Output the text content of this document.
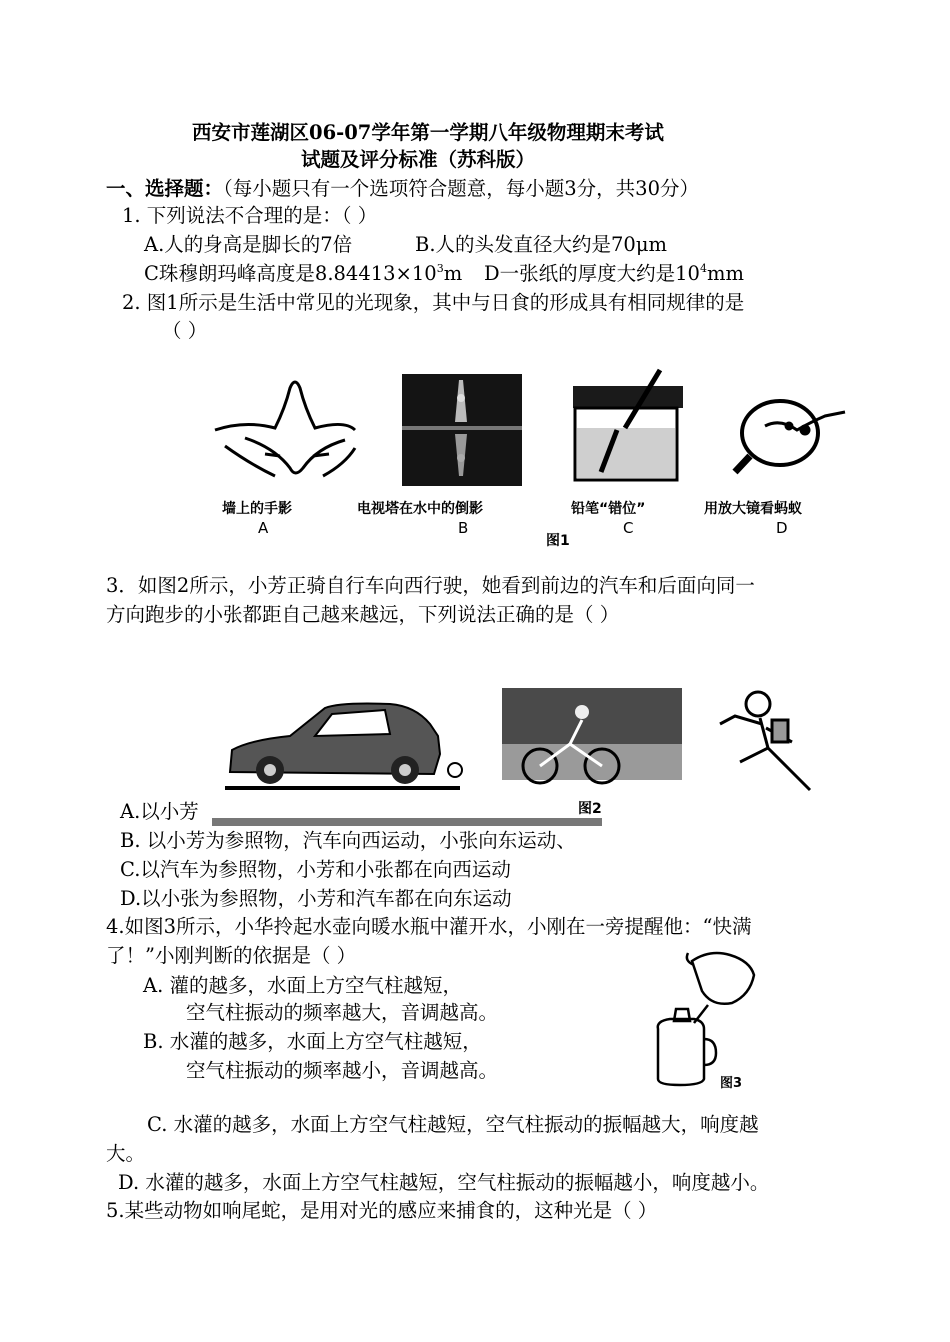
西安市莲湖区06-07学年第一学期八年级物理期末考试
试题及评分标准（苏科版）
一、选择题：（每小题只有一个选项符合题意，每小题3分，共30分）
1. 下列说法不合理的是：（ ）
A.人的身高是脚长的7倍	B.人的头发直径大约是70μm
C珠穆朗玛峰高度是$8.84413\times 10^3m$ D一张纸的厚度大约是$10^4mm$
2. 图1所示是生活中常见的光现象，其中与日食的形成具有相同规律的是
（ ）
墙上的手影	电视塔在水中的倒影	铅笔“错位”	用放大镜看蚂蚁
A	B	C	D
图1
3．如图2所示，小芳正骑自行车向西行驶，她看到前边的汽车和后面向同一
方向跑步的小张都距自己越来越远，下列说法正确的是（ ）
图2
A.以小芳
B. 以小芳为参照物，汽车向西运动，小张向东运动、
C.以汽车为参照物，小芳和小张都在向西运动
D.以小张为参照物，小芳和汽车都在向东运动
4.如图3所示，小华拎起水壶向暖水瓶中灌开水，小刚在一旁提醒他：“快满
了！”小刚判断的依据是（ ）
A. 灌的越多，水面上方空气柱越短，
空气柱振动的频率越大，音调越高。
B. 水灌的越多，水面上方空气柱越短，
空气柱振动的频率越小，音调越高。
图3
C. 水灌的越多，水面上方空气柱越短，空气柱振动的振幅越大，响度越
大。
D. 水灌的越多，水面上方空气柱越短，空气柱振动的振幅越小，响度越小。
5.某些动物如响尾蛇，是用对光的感应来捕食的，这种光是（ ）
